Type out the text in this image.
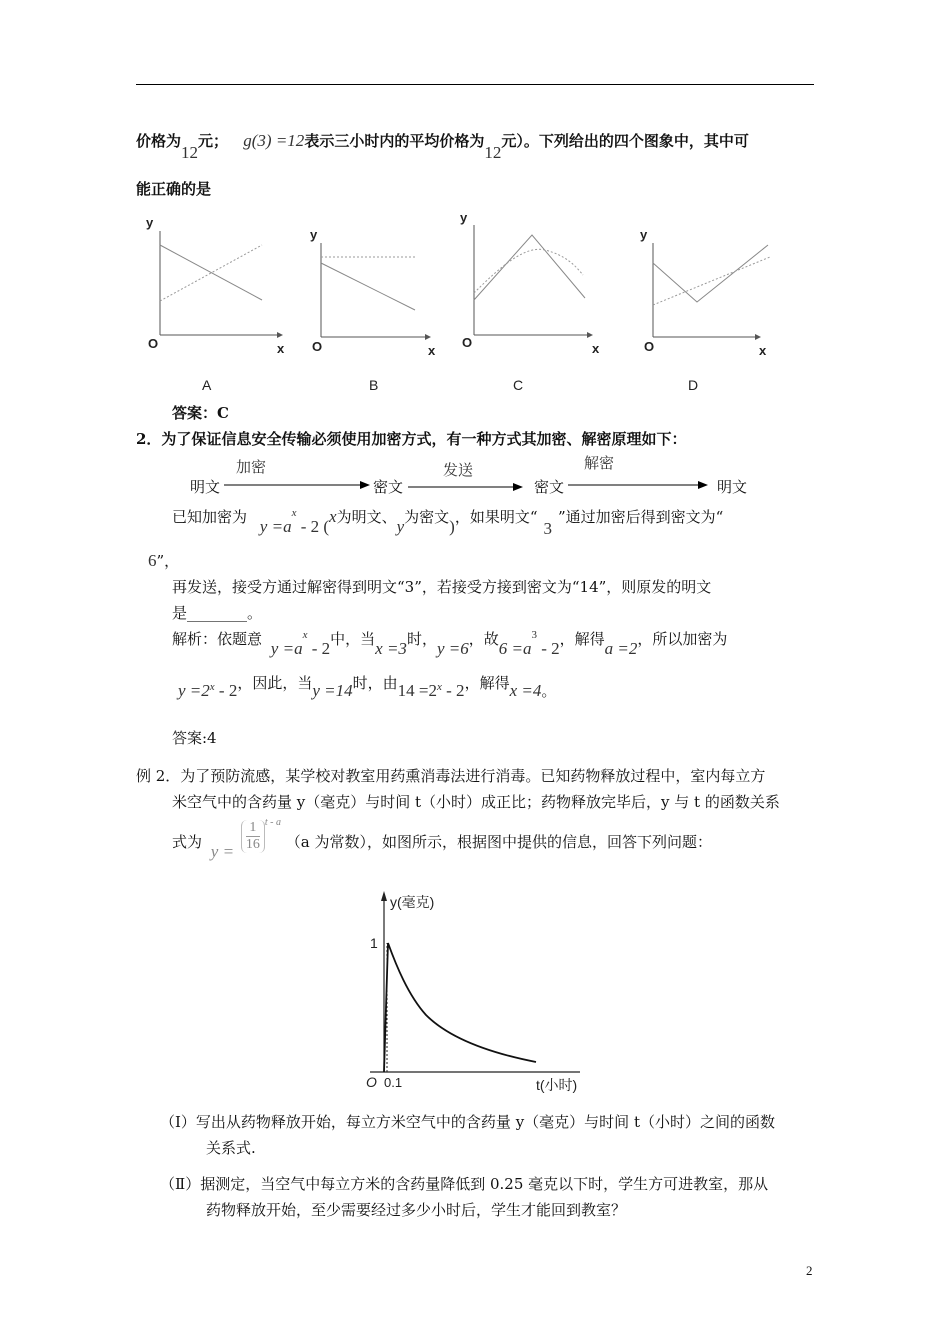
价格为12元； g(3) =12表示三小时内的平均价格为12元）。下列给出的四个图象中，其中可
能正确的是
y
O	x
A
y
O	x
B
y
O	x
C
y
O	x
D
答案：C
2．为了保证信息安全传输必须使用加密方式，有一种方式其加密、解密原理如下：
明文
加密
密文
发送
密文
解密
明文
已知加密为 $y =a^x - 2$ (x为明文、y为密文)，如果明文“3”通过加密后得到密文为“
6”，
再发送，接受方通过解密得到明文“3”，若接受方接到密文为“14”，则原发的明文
是________。
解析：依题意 $y =a^x - 2$中，当x =3时，y =6，故$6 =a^3 - 2$，解得a =2，所以加密为
$y =2^x - 2$，因此，当y =14时，由$14 =2^x - 2$，解得x =4。
答案:4
例 2．为了预防流感，某学校对教室用药熏消毒法进行消毒。已知药物释放过程中，室内每立方
米空气中的含药量 y（毫克）与时间 t（小时）成正比；药物释放完毕后，y 与 t 的函数关系
式为 $y = \frac{1}{16} ^{t - a}$ （a 为常数），如图所示，根据图中提供的信息，回答下列问题：
y(毫克)
1
O 0.1	t(小时)
（Ⅰ）写出从药物释放开始，每立方米空气中的含药量 y（毫克）与时间 t（小时）之间的函数
关系式.
（Ⅱ）据测定，当空气中每立方米的含药量降低到 0.25 毫克以下时，学生方可进教室，那从
药物释放开始，至少需要经过多少小时后，学生才能回到教室？
2
